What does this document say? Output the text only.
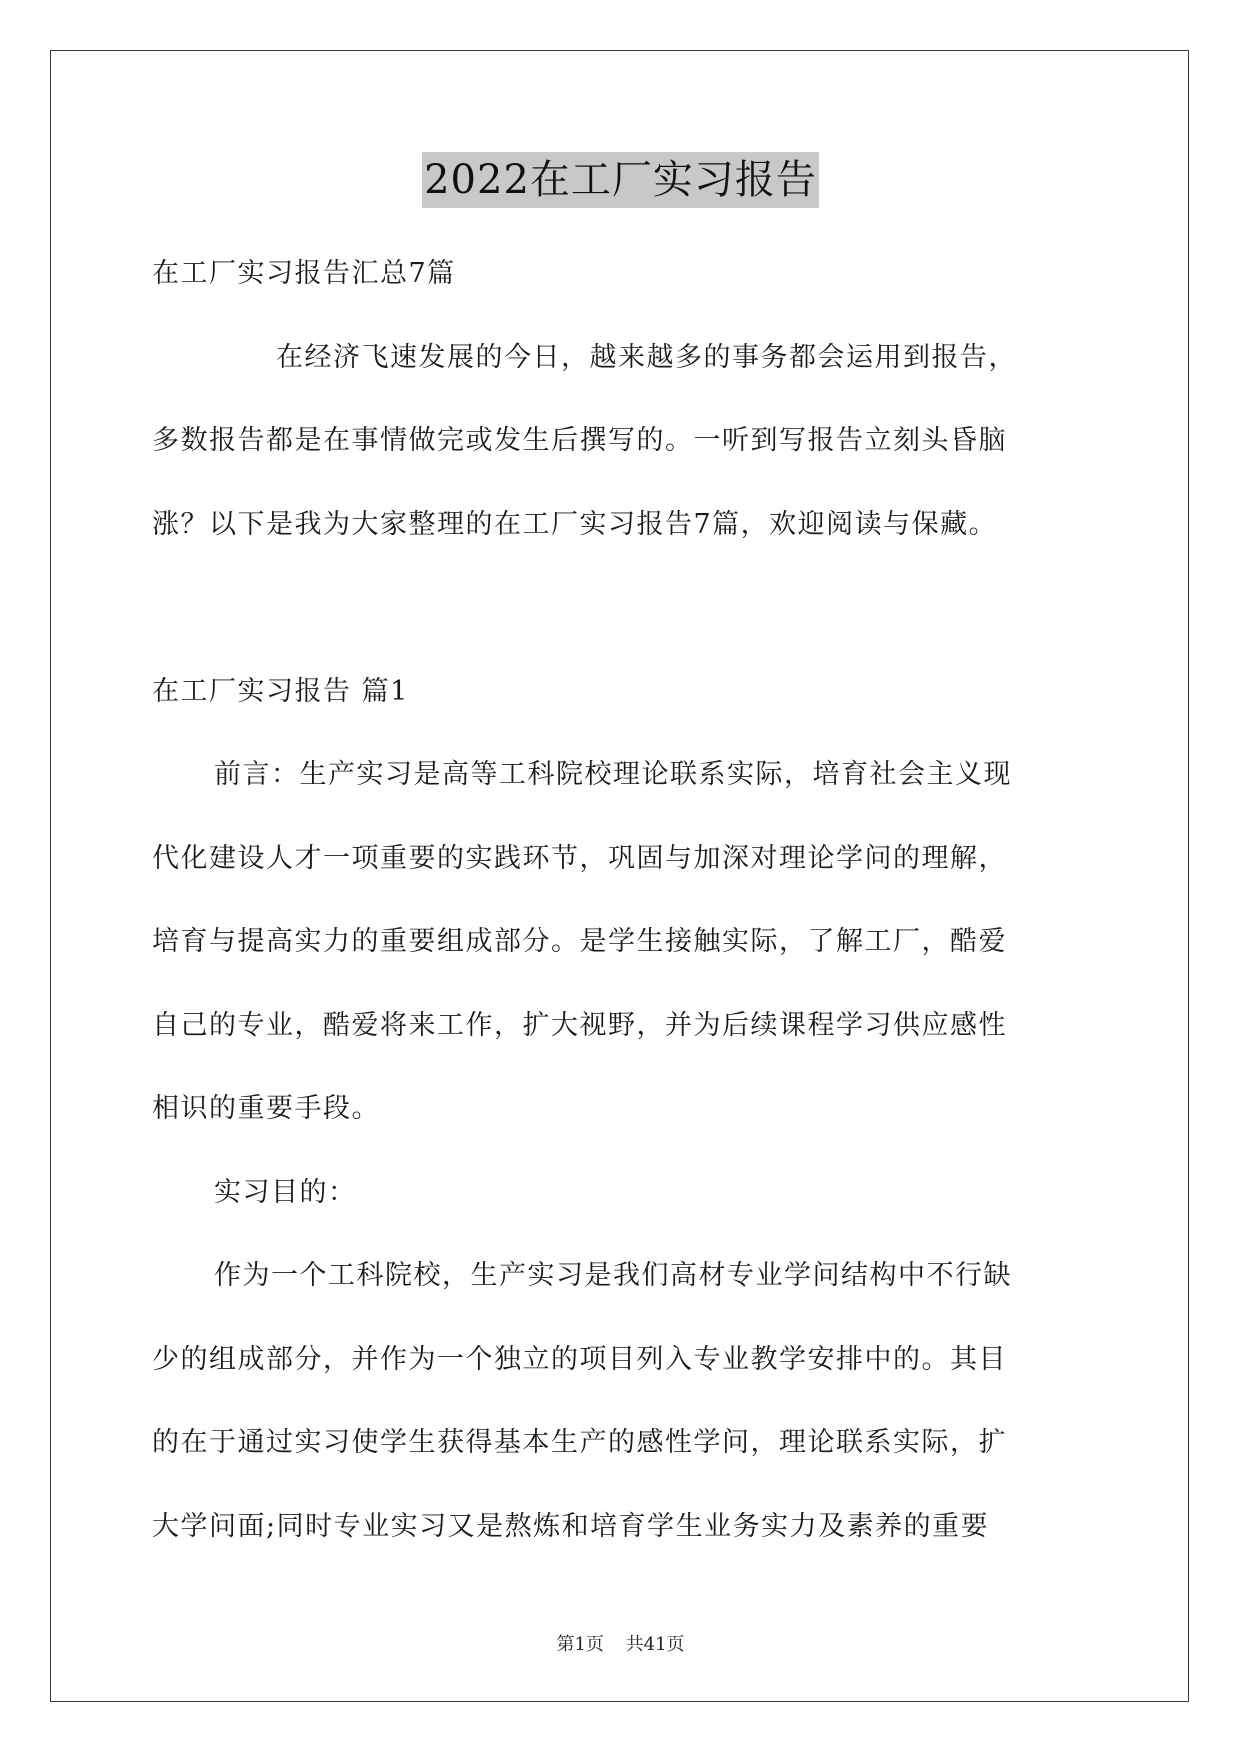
2022在工厂实习报告
在工厂实习报告汇总7篇
在经济飞速发展的今日，越来越多的事务都会运用到报告，
多数报告都是在事情做完或发生后撰写的。一听到写报告立刻头昏脑
涨？以下是我为大家整理的在工厂实习报告7篇，欢迎阅读与保藏。
在工厂实习报告 篇1
前言：生产实习是高等工科院校理论联系实际，培育社会主义现
代化建设人才一项重要的实践环节，巩固与加深对理论学问的理解，
培育与提高实力的重要组成部分。是学生接触实际，了解工厂，酷爱
自己的专业，酷爱将来工作，扩大视野，并为后续课程学习供应感性
相识的重要手段。
实习目的：
作为一个工科院校，生产实习是我们高材专业学问结构中不行缺
少的组成部分，并作为一个独立的项目列入专业教学安排中的。其目
的在于通过实习使学生获得基本生产的感性学问，理论联系实际，扩
大学问面;同时专业实习又是熬炼和培育学生业务实力及素养的重要
第1页 共41页
